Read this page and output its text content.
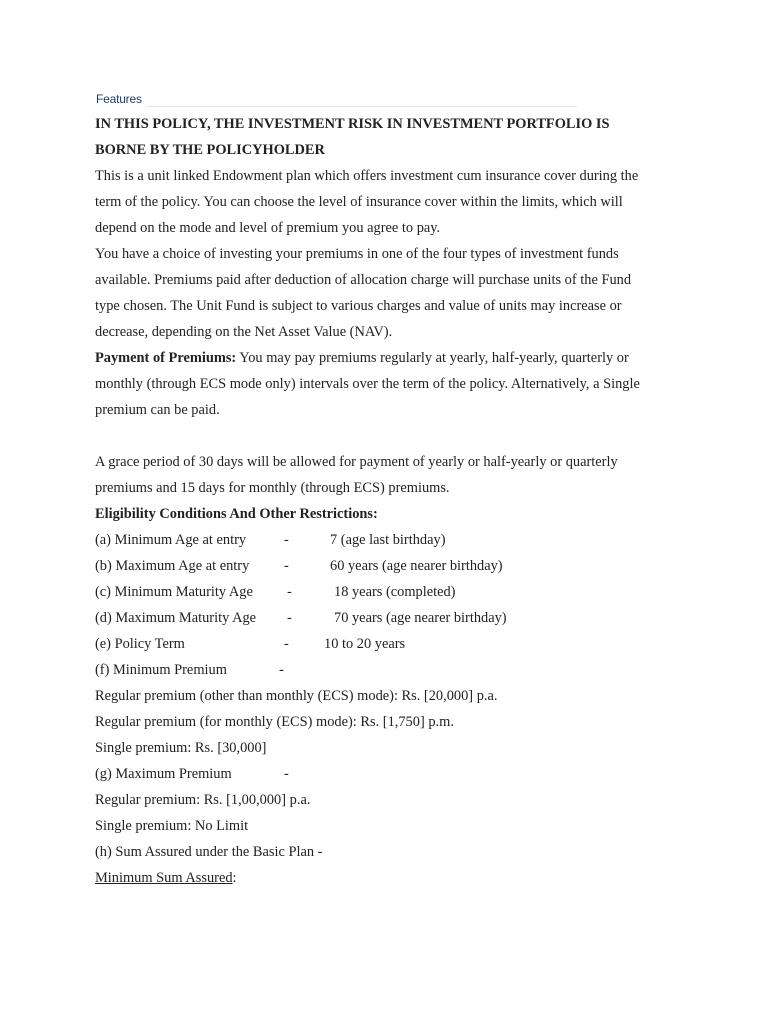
Features
IN THIS POLICY, THE INVESTMENT RISK IN INVESTMENT PORTFOLIO IS
BORNE BY THE POLICYHOLDER
This is a unit linked Endowment plan which offers investment cum insurance cover during the
term of the policy. You can choose the level of insurance cover within the limits, which will
depend on the mode and level of premium you agree to pay.
You have a choice of investing your premiums in one of the four types of investment funds
available. Premiums paid after deduction of allocation charge will purchase units of the Fund
type chosen. The Unit Fund is subject to various charges and value of units may increase or
decrease, depending on the Net Asset Value (NAV).
Payment of Premiums: You may pay premiums regularly at yearly, half-yearly, quarterly or
monthly (through ECS mode only) intervals over the term of the policy. Alternatively, a Single
premium can be paid.
A grace period of 30 days will be allowed for payment of yearly or half-yearly or quarterly
premiums and 15 days for monthly (through ECS) premiums.
Eligibility Conditions And Other Restrictions:
(a) Minimum Age at entry	-	7 (age last birthday)
(b) Maximum Age at entry -	60 years (age nearer birthday)
(c) Minimum Maturity Age -	18 years (completed)
(d) Maximum Maturity Age -	70 years (age nearer birthday)
(e) Policy Term	- 10 to 20 years
(f) Minimum Premium	-
Regular premium (other than monthly (ECS) mode): Rs. [20,000] p.a.
Regular premium (for monthly (ECS) mode): Rs. [1,750] p.m.
Single premium: Rs. [30,000]
(g) Maximum Premium	-
Regular premium: Rs. [1,00,000] p.a.
Single premium: No Limit
(h) Sum Assured under the Basic Plan -
Minimum Sum Assured:
